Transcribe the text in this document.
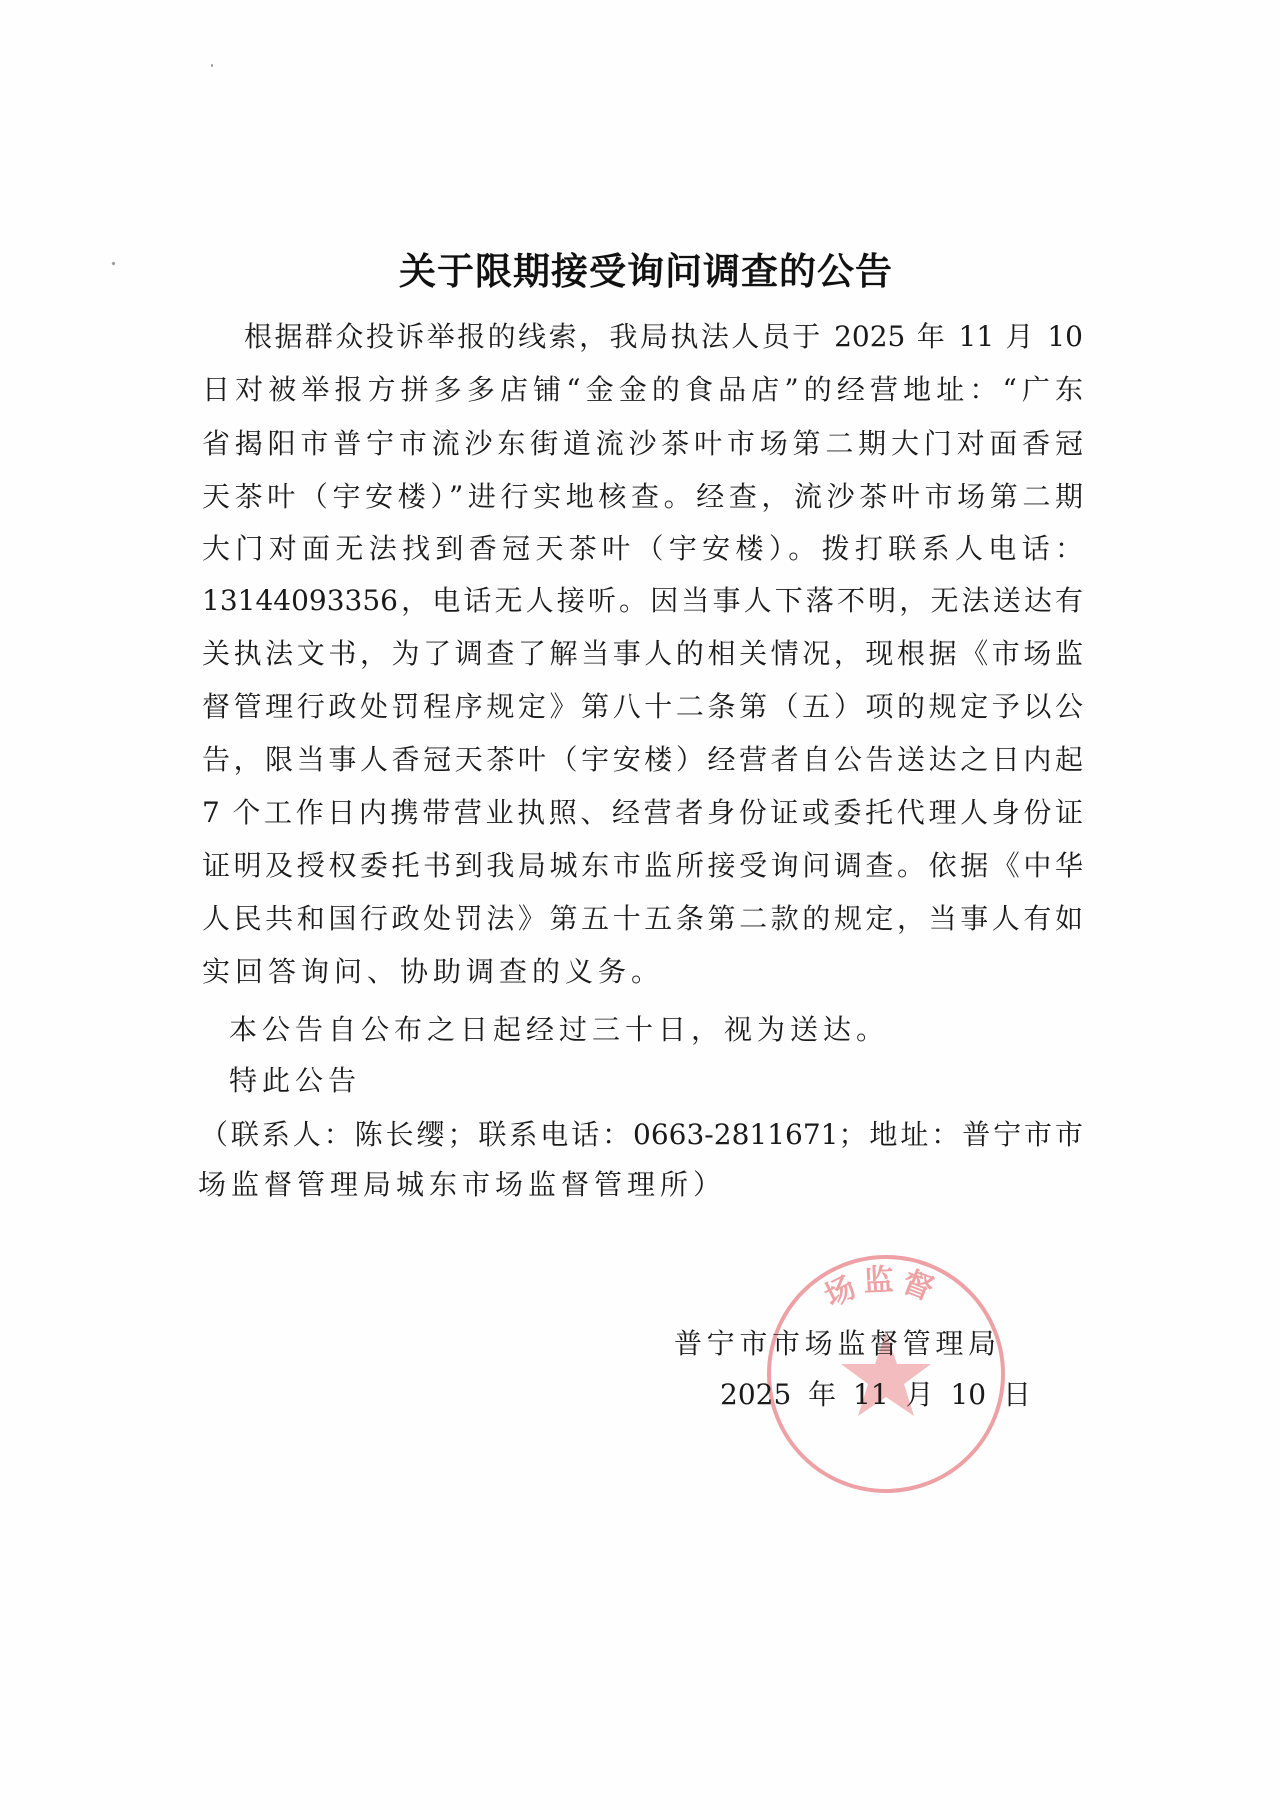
关于限期接受询问调查的公告
根据群众投诉举报的线索，我局执法人员于 2025 年 11 月 10
日对被举报方拼多多店铺“金金的食品店”的经营地址：“广东
省揭阳市普宁市流沙东街道流沙茶叶市场第二期大门对面香冠
天茶叶（宇安楼）”进行实地核查。经查，流沙茶叶市场第二期
大门对面无法找到香冠天茶叶（宇安楼）。拨打联系人电话：
13144093356，电话无人接听。因当事人下落不明，无法送达有
关执法文书，为了调查了解当事人的相关情况，现根据《市场监
督管理行政处罚程序规定》第八十二条第（五）项的规定予以公
告，限当事人香冠天茶叶（宇安楼）经营者自公告送达之日内起
7 个工作日内携带营业执照、经营者身份证或委托代理人身份证
证明及授权委托书到我局城东市监所接受询问调查。依据《中华
人民共和国行政处罚法》第五十五条第二款的规定，当事人有如
实回答询问、协助调查的义务。
本公告自公布之日起经过三十日，视为送达。
特此公告
（联系人：陈长缨；联系电话：0663-2811671；地址：普宁市市
场监督管理局城东市场监督管理所）
场监督
普宁市市场监督管理局
2025 年 11 月 10 日
